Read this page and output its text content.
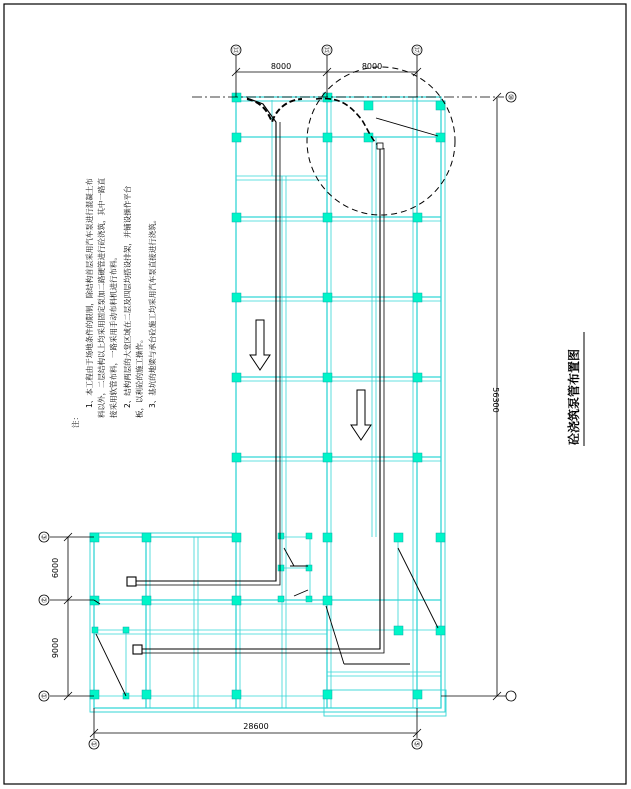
⑬	⑮	⑰
⑩
③
②
①
①	⑤
8000	8000
56300
6000
9000
28600
注：
1、本工程由于场地条件的限制，除结构首层采用汽车泵进行混凝土布 料以外，二层结构以上均采用固定泵加二路硬管进行砼浇筑，其中一路直 接采用软管布料，一路采用手动布料机进行布料。 2、结构两层的大堂区域在二层及四层均搭设排架，并铺设操作平台 板，以利砼的施工操作。 3、基坑的地梁与承台砼施工均采用汽车泵直接进行浇筑。	砼浇筑泵管布置图
